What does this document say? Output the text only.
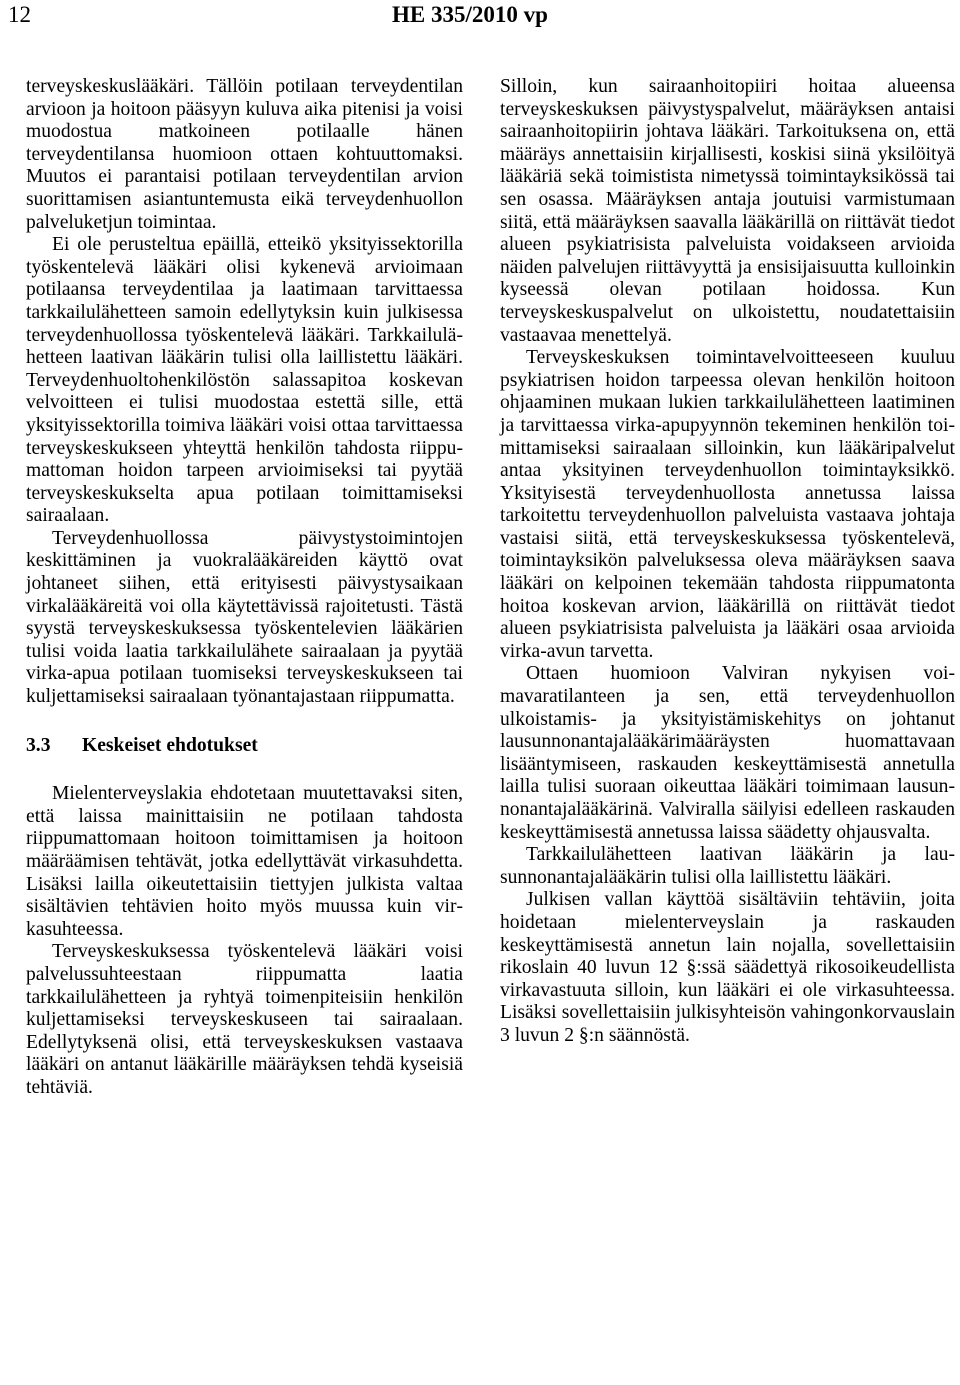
12	HE 335/2010 vp

terveyskeskuslääkäri. Tällöin potilaan terveydentilan arvioon ja hoitoon pääsyyn kuluva aika pitenisi ja voisi muodostua matkoineen potilaalle hänen terveydentilansa huomioon ottaen kohtuuttomaksi. Muutos ei parantaisi potilaan terveydentilan arvion suorittamisen asiantuntemusta eikä terveydenhuollon palveluketjun toimintaa.

Ei ole perusteltua epäillä, etteikö yksityissektorilla työskentelevä lääkäri olisi kykenevä arvioimaan potilaansa terveydentilaa ja laatimaan tarvittaessa tarkkailulähetteen samoin edellytyksin kuin julkisessa terveydenhuollossa työskentelevä lääkäri. Tarkkailulähetteen laativan lääkärin tulisi olla laillistettu lääkäri. Terveydenhuoltohenkilöstön salassapitoa koskevan velvoitteen ei tulisi muodostaa estettä sille, että yksityissektorilla toimiva lääkäri voisi ottaa tarvittaessa terveyskeskukseen yhteyttä henkilön tahdosta riippumattoman hoidon tarpeen arvioimiseksi tai pyytää terveyskeskukselta apua potilaan toimittamiseksi sairaalaan.

Terveydenhuollossa päivystystoimintojen keskittäminen ja vuokralääkäreiden käyttö ovat johtaneet siihen, että erityisesti päivystysaikaan virkalääkäreitä voi olla käytettävissä rajoitetusti. Tästä syystä terveyskeskuksessa työskentelevien lääkärien tulisi voida laatia tarkkailulähete sairaalaan ja pyytää virka-apua potilaan tuomiseksi terveyskeskukseen tai kuljettamiseksi sairaalaan työnantajastaan riippumatta.

3.3	Keskeiset ehdotukset

Mielenterveyslakia ehdotetaan muutettavaksi siten, että laissa mainittaisiin ne potilaan tahdosta riippumattomaan hoitoon toimittamisen ja hoitoon määräämisen tehtävät, jotka edellyttävät virkasuhdetta. Lisäksi lailla oikeutettaisiin tiettyjen julkista valtaa sisältävien tehtävien hoito myös muussa kuin virkasuhteessa.

Terveyskeskuksessa työskentelevä lääkäri voisi palvelussuhteestaan riippumatta laatia tarkkailulähetteen ja ryhtyä toimenpiteisiin henkilön kuljettamiseksi terveyskeskuseen tai sairaalaan. Edellytyksenä olisi, että terveyskeskuksen vastaava lääkäri on antanut lääkärille määräyksen tehdä kyseisiä tehtäviä.

Silloin, kun sairaanhoitopiiri hoitaa alueensa terveyskeskuksen päivystyspalvelut, määräyksen antaisi sairaanhoitopiirin johtava lääkäri. Tarkoituksena on, että määräys annettaisiin kirjallisesti, koskisi siinä yksilöityä lääkäriä sekä toimistista nimetyssä toimintayksikössä tai sen osassa. Määräyksen antaja joutuisi varmistumaan siitä, että määräyksen saavalla lääkärillä on riittävät tiedot alueen psykiatrisista palveluista voidakseen arvioida näiden palvelujen riittävyyttä ja ensisijaisuutta kulloinkin kyseessä olevan potilaan hoidossa. Kun terveyskeskuspalvelut on ulkoistettu, noudatettaisiin vastaavaa menettelyä.

Terveyskeskuksen toimintavelvoitteeseen kuuluu psykiatrisen hoidon tarpeessa olevan henkilön hoitoon ohjaaminen mukaan lukien tarkkailulähetteen laatiminen ja tarvittaessa virka-apupyynnön tekeminen henkilön toimittamiseksi sairaalaan silloinkin, kun lääkäripalvelut antaa yksityinen terveydenhuollon toimintayksikkö. Yksityisestä terveydenhuollosta annetussa laissa tarkoitettu terveydenhuollon palveluista vastaava johtaja vastaisi siitä, että terveyskeskuksessa työskentelevä, toimintayksikön palveluksessa oleva määräyksen saava lääkäri on kelpoinen tekemään tahdosta riippumatonta hoitoa koskevan arvion, lääkärillä on riittävät tiedot alueen psykiatrisista palveluista ja lääkäri osaa arvioida virka-avun tarvetta.

Ottaen huomioon Valviran nykyisen voimavaratilanteen ja sen, että terveydenhuollon ulkoistamis- ja yksityistämiskehitys on johtanut lausunnonantajalääkärimääräysten huomattavaan lisääntymiseen, raskauden keskeyttämisestä annetulla lailla tulisi suoraan oikeuttaa lääkäri toimimaan lausunnonantajalääkärinä. Valviralla säilyisi edelleen raskauden keskeyttämisestä annetussa laissa säädetty ohjausvalta.

Tarkkailulähetteen laativan lääkärin ja lausunnonantajalääkärin tulisi olla laillistettu lääkäri.

Julkisen vallan käyttöä sisältäviin tehtäviin, joita hoidetaan mielenterveyslain ja raskauden keskeyttämisestä annetun lain nojalla, sovellettaisiin rikoslain 40 luvun 12 §:ssä säädettyä rikosoikeudellista virkavastuuta silloin, kun lääkäri ei ole virkasuhteessa. Lisäksi sovellettaisiin julkisyhteisön vahingonkorvauslain 3 luvun 2 §:n säännöstä.
